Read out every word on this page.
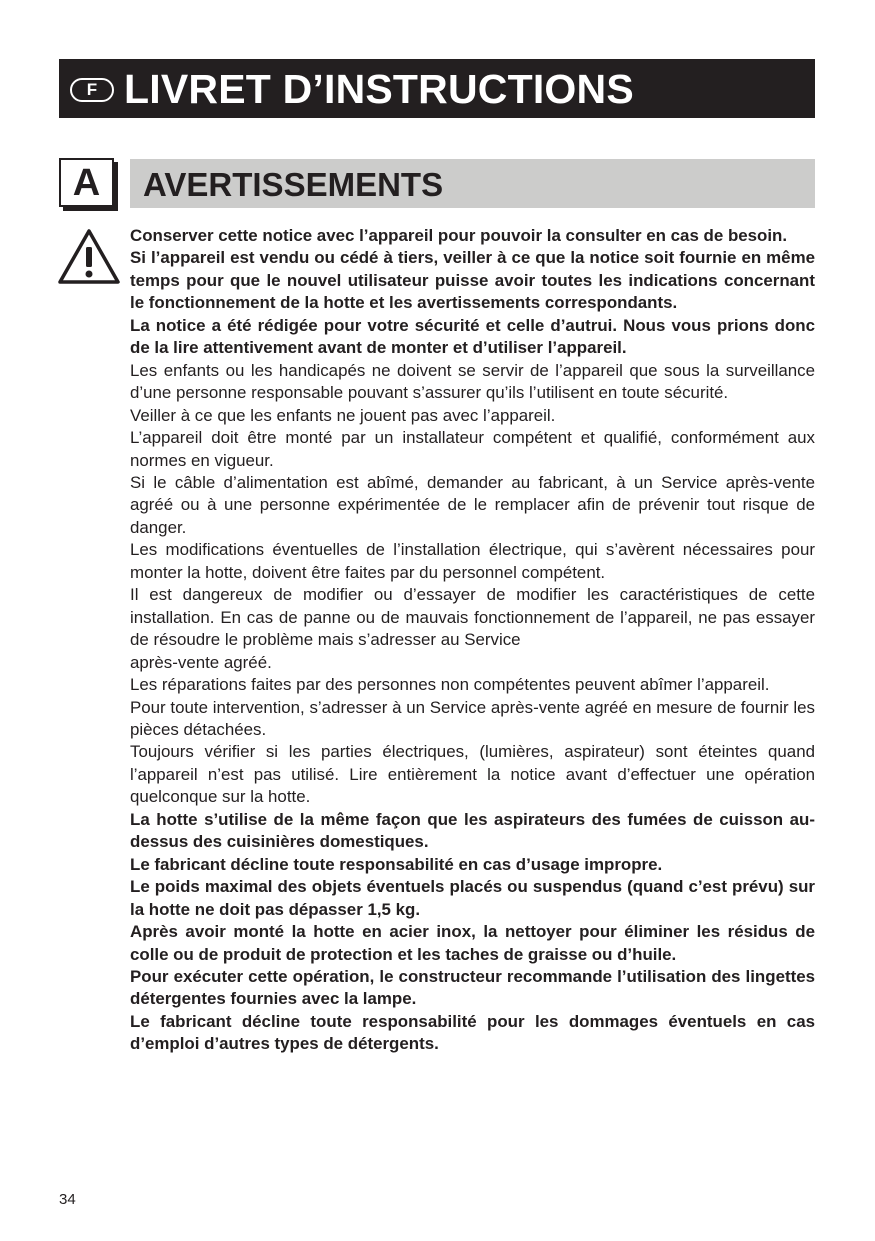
F LIVRET D’INSTRUCTIONS
A	AVERTISSEMENTS

Conserver cette notice avec l’appareil pour pouvoir la consulter en cas de besoin.

Si l’appareil est vendu ou cédé à tiers, veiller à ce que la notice soit fournie en même temps pour que le nouvel utilisateur puisse avoir toutes les indications concernant le fonctionnement de la hotte et les avertissements correspondants.

La notice a été rédigée pour votre sécurité et celle d’autrui. Nous vous prions donc de la lire attentivement avant de monter et d’utiliser l’appareil.

Les enfants ou les handicapés ne doivent se servir de l’appareil que sous la surveillance d’une personne responsable pouvant s’assurer qu’ils l’utilisent en toute sécurité.

Veiller à ce que les enfants ne jouent pas avec l’appareil.

L’appareil doit être monté par un installateur compétent et qualifié, conformément aux normes en vigueur.

Si le câble d’alimentation est abîmé, demander au fabricant, à un Service après-vente agréé ou à une personne expérimentée de le remplacer afin de prévenir tout risque de danger.

Les modifications éventuelles de l’installation électrique, qui s’avèrent nécessaires pour monter la hotte, doivent être faites par du personnel compétent.

Il est dangereux de modifier ou d’essayer de modifier les caractéristiques de cette installation. En cas de panne ou de mauvais fonctionnement de l’appareil, ne pas essayer de résoudre le problème mais s’adresser au Service

après-vente agréé.

Les réparations faites par des personnes non compétentes peuvent abîmer l’appareil.

Pour toute intervention, s’adresser à un Service après-vente agréé en mesure de fournir les pièces détachées.

Toujours vérifier si les parties électriques, (lumières, aspirateur) sont éteintes quand l’appareil n’est pas utilisé. Lire entièrement la notice avant d’effectuer une opération quelconque sur la hotte.

La hotte s’utilise de la même façon que les aspirateurs des fumées de cuisson au-dessus des cuisinières domestiques.

Le fabricant décline toute responsabilité en cas d’usage impropre.

Le poids maximal des objets éventuels placés ou suspendus (quand c’est prévu) sur la hotte ne doit pas dépasser 1,5 kg.

Après avoir monté la hotte en acier inox, la nettoyer pour éliminer les résidus de colle ou de produit de protection et les taches de graisse ou d’huile.

Pour exécuter cette opération, le constructeur recommande l’utilisation des lingettes détergentes fournies avec la lampe.

Le fabricant décline toute responsabilité pour les dommages éventuels en cas d’emploi d’autres types de détergents.

34
